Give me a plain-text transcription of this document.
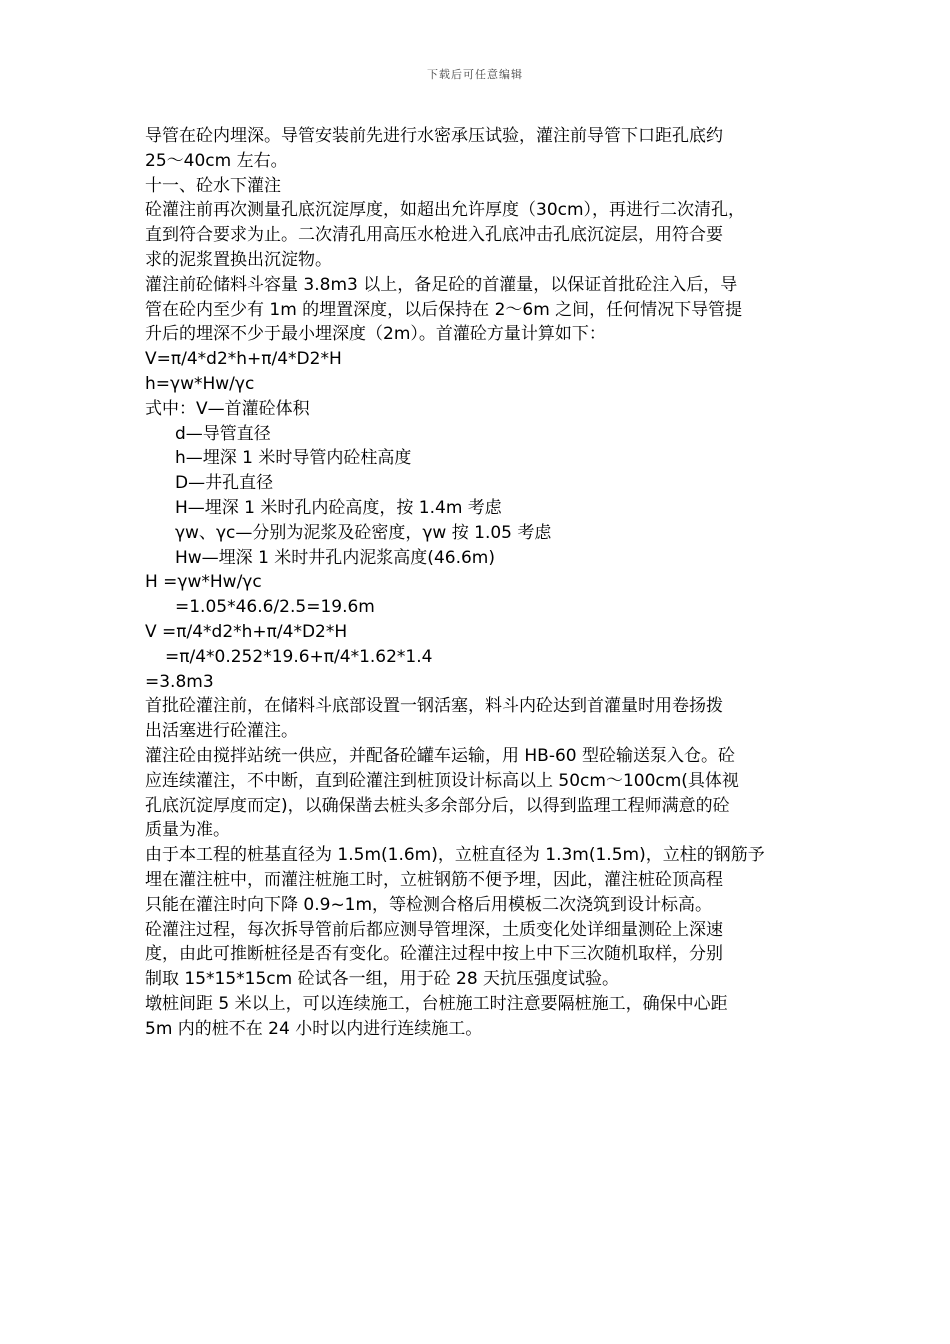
下载后可任意编辑
导管在砼内埋深。导管安装前先进行水密承压试验，灌注前导管下口距孔底约
25～40cm 左右。
十一、砼水下灌注
砼灌注前再次测量孔底沉淀厚度，如超出允许厚度（30cm），再进行二次清孔，
直到符合要求为止。二次清孔用高压水枪进入孔底冲击孔底沉淀层，用符合要
求的泥浆置换出沉淀物。
灌注前砼储料斗容量 3.8m3 以上，备足砼的首灌量，以保证首批砼注入后，导
管在砼内至少有 1m 的埋置深度，以后保持在 2～6m 之间，任何情况下导管提
升后的埋深不少于最小埋深度（2m）。首灌砼方量计算如下：
V=π/4*d2*h+π/4*D2*H
h=γw*Hw/γc
式中：V—首灌砼体积
d—导管直径
h—埋深 1 米时导管内砼柱高度
D—井孔直径
H—埋深 1 米时孔内砼高度，按 1.4m 考虑
γw、γc—分别为泥浆及砼密度，γw 按 1.05 考虑
Hw—埋深 1 米时井孔内泥浆高度(46.6m)
H =γw*Hw/γc
=1.05*46.6/2.5=19.6m
V =π/4*d2*h+π/4*D2*H
=π/4*0.252*19.6+π/4*1.62*1.4
=3.8m3
首批砼灌注前，在储料斗底部设置一钢活塞，料斗内砼达到首灌量时用卷扬拨
出活塞进行砼灌注。
灌注砼由搅拌站统一供应，并配备砼罐车运输，用 HB-60 型砼输送泵入仓。砼
应连续灌注，不中断，直到砼灌注到桩顶设计标高以上 50cm～100cm(具体视
孔底沉淀厚度而定)，以确保凿去桩头多余部分后，以得到监理工程师满意的砼
质量为准。
由于本工程的桩基直径为 1.5m(1.6m)，立桩直径为 1.3m(1.5m)，立柱的钢筋予
埋在灌注桩中，而灌注桩施工时，立桩钢筋不便予埋，因此，灌注桩砼顶高程
只能在灌注时向下降 0.9~1m，等检测合格后用模板二次浇筑到设计标高。
砼灌注过程，每次拆导管前后都应测导管埋深，土质变化处详细量测砼上深速
度，由此可推断桩径是否有变化。砼灌注过程中按上中下三次随机取样，分别
制取 15*15*15cm 砼试各一组，用于砼 28 天抗压强度试验。
墩桩间距 5 米以上，可以连续施工，台桩施工时注意要隔桩施工，确保中心距
5m 内的桩不在 24 小时以内进行连续施工。
